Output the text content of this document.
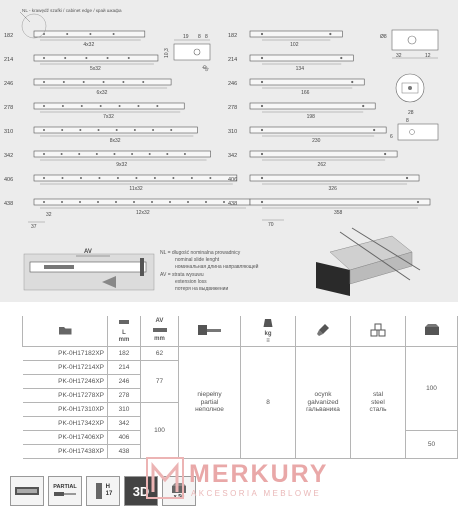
182
4x32
214
5x32
246
6x32
278
7x32
310
8x32
342
9x32
406
11x32
438
12x32
182
102
214
134
246
166
278
198
310
230
342
262
406
326
438
358
NL - krawędź szafki / cabinet edge / край шкафа
19 8 8
10,3
Ø5
Ø8
32	12
28
8
6
37
32
70
AV	NL = długość nominalna prowadnicy
nominal slide lenght
номинальная длина направляющей
AV = strata wysuwu
extension loss
потеря на выдвижении

L
mm	AV
mm		kg
≡

PK-0H17182XP	182	62	niepełny
partial
неполное	8	ocynk
galvanized
гальваника	stal
steel
сталь	100
PK-0H17214XP	214	77					
PK-0H17246XP	246						
PK-0H17278XP	278						
PK-0H17310XP	310	100					
PK-0H17342XP	342						
PK-0H17406XP	406						50
PK-0H17438XP	438						
PARTIAL	H
17 3D	x 50
MERKURY
AKCESORIA MEBLOWE
